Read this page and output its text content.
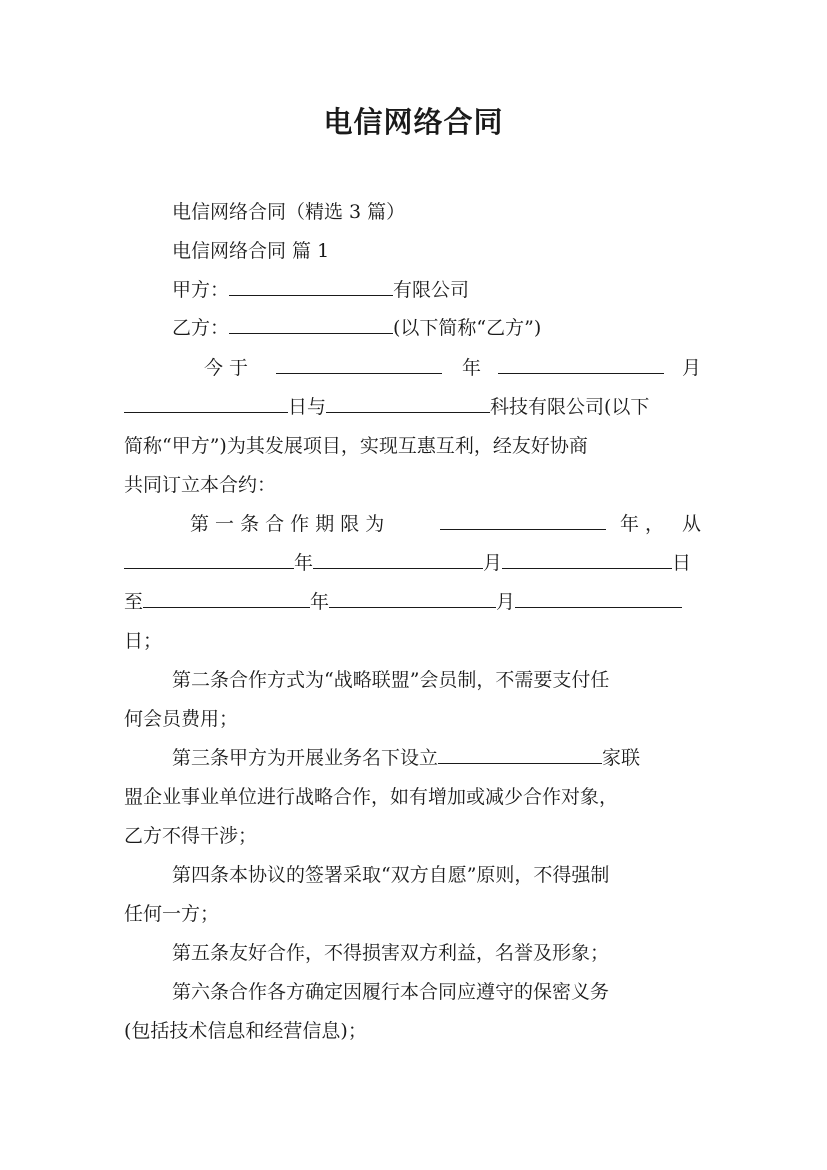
电信网络合同
电信网络合同（精选 3 篇）
电信网络合同 篇 1
甲方：	有限公司
乙方：	(以下简称“乙方”)
今 于	年	月
日与	科技有限公司(以下
简称“甲方”)为其发展项目，实现互惠互利，经友好协商
共同订立本合约：
第 一 条 合 作 期 限 为	年 ， 从
年	月	日
至	年	月
日；
第二条合作方式为“战略联盟”会员制，不需要支付任
何会员费用；
第三条甲方为开展业务名下设立	家联
盟企业事业单位进行战略合作，如有增加或减少合作对象，
乙方不得干涉；
第四条本协议的签署采取“双方自愿”原则，不得强制
任何一方；
第五条友好合作，不得损害双方利益，名誉及形象；
第六条合作各方确定因履行本合同应遵守的保密义务
(包括技术信息和经营信息)；
